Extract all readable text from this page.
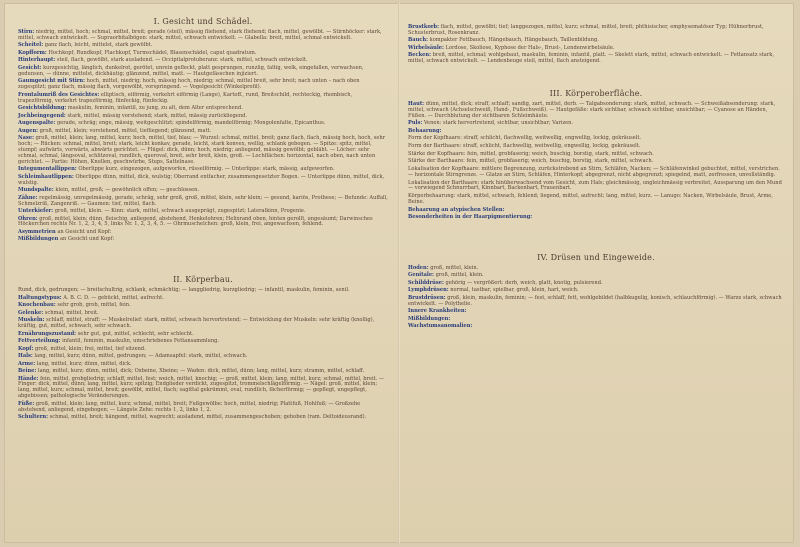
I. Gesicht und Schädel.
Stirn: niedrig, mittel, hoch; schmal, mittel, breit; gerade (steil), mässig fliehend, stark fliehend; flach, mittel, gewölbt. — Stirnhöcker: stark, mittel, schwach entwickelt. — Supraorbitalbögen: stark, mittel, schwach entwickelt. — Glabella: breit, mittel, schmal entwickelt.
Scheitel: ganz flach, leicht, mittelst, stark gewölbt.
Kopfform: Hochkopf, Rundkopf, Flachkopf, Turmschädel, Blasenschädel, caput quadratum.
Hinterhaupt: steil, flach, gewölbt, stark ausladend. — Occipitalprotuberanz: stark, mittel, schwach entwickelt.
Gesicht: kurzgesichtig, länglich, dunkelrot, gerötet, unrein gefleckt, platt gesprungen, runzlig, faltig, welk, eingefallen, verwachsen, gedunsen, — dünne, mittelst, dickhäutig; glänzend, mittel, matt. — Hautgefässchen injiziert.
Gaumgesicht mit Stirn: hoch, mittel, niedrig; hoch, mässig hoch, niedrig; schmal, mittel breit, sehr breit; nach unten – nach oben zugespitzt; ganz flach, mässig flach, vorgewölbt, vorspringend. — Vogelgesicht (Winkelprofil).
Frontalumriß des Gesichtes: elliptisch, eiförmig, verkehrt eiförmig (Lange), Kartoff., rund, Breitschild, rechteckig, rhombisch, trapezförmig, verkehrt trapezförmig, fünfeckig, fünfeckig.
Gesichtsbildung: maskulin, feminin, infantil, zu jung, zu alt, dem Alter entsprechend.
Jochbeingegend: stark, mittel, mässig vorstehend; stark, mittel, mässig zurückliegend.
Augenspalte: gerade, schräg; enge, mässig, weitgeschlitzt; spindelförmig, mandelförmig; Mongolenfalte, Epicanthus.
Augen: groß, mittel, klein; vorstehend, mittel, tiefliegend; glänzend, matt.
Nase: groß, mittel, klein; lang, mittel, kurz; hoch, mittel, tief, blau; — Wurzel: schmal, mittel, breit; ganz flach, flach, mässig hoch, hoch, sehr hoch; — Rücken: schmal, mittel, breit; stark, leicht konkav, gerade, leicht, stark konvex, wellig, schlank gebogen. — Spitze: spitz, mittel, stumpf; aufwärts, vorwärts, abwärts gerichtet. — Flügel: dick, dünn; hoch, niedrig; anliegend, mässig gewölbt; gebläht. — Löcher: sehr schmal, schmal, längsoval, schlitzoval, rundlich, queroval, breit, sehr breit, klein, groß. — Lochflächen: horizontal, nach oben, nach unten gerichtet. — Partie: Höhen, Knollen, geschwürbe, Stups, Sattelnase.
Integumentallippen: Oberlippe kurz, eingezogen, aufgeworfen, rüsselförmig. — Unterlippe: stark, mässig, aufgeworfen.
Schleimhautlippen: Oberlippe dünn, mittel, dick, wulstig; Oberrand entfacher, zusammengesetzter Bogen. — Unterlippe dünn, mittel, dick, wulstig.
Mundspalte: klein, mittel, groß; — gewöhnlich offen; — geschlossen.
Zähne: regelmässig, unregelmässig, gerade, schräg, sehr groß, groß, mittel, klein, sehr klein; — gesund, kariös, Prothese; — Befunde: Auffall, Schmelzriß, Zangenriß. — Gaumen: tief, mittel, flach.
Unterkiefer: groß, mittel, klein. — Kinn: stark, mittel, schwach ausgeprägt, zugespitzt; Lateralkinn, Progenie.
Ohren: groß, mittel, klein; dünn, fleischig, anliegend, abstehend, Henkelohren; Helixrand oben, hinten gerollt, ungesäumt; Darwinsches Höckerchen rechts Nr. 1, 2, 3, 4, 5, links Nr. 1, 2, 3, 4, 5. — Ohrmuschelchen: groß, klein, frei, angewachsen, fehlend.
Asymmetrien an Gesicht und Kopf:
Mißbildungen an Gesicht und Kopf:
II. Körperbau.
Rund, dick, gedrungen; — breitschultrig, schlank, schmächtig; — langgliedrig, kurzgliedrig; — infantil, maskulin, feminin, senil.
Haltungstypus: A. B. C. D. — gebückt, mittel, aufrecht.
Knochenbau: sehr grob, grob, mittel, fein.
Gelenke: schmal, mittel, breit.
Muskeln: schlaff, mittel, straff; — Muskelrelief: stark, mittel, schwach hervortretend; — Entwicklung der Muskeln: sehr kräftig (knollig), kräftig, gut, mittel, schwach, sehr schwach.
Ernährungszustand: sehr gut, gut, mittel, schlecht, sehr schlecht.
Fettverteilung: infantil, feminin, maskulin, umschriebenes Fettansammlung.
Kopf: groß, mittel, klein; frei, mittel, tief sitzend.
Hals: lang, mittel, kurz; dünn, mittel, gedrungen; — Adamsapfel: stark, mittel, schwach.
Arme: lang, mittel, kurz; dünn, mittel, dick.
Beine: lang, mittel, kurz; dünn, mittel, dick; Oxbeine, Xbeine; — Waden: dick, mittel, dünn; lang, mittel, kurz; stramm, mittel, schlaff.
Hände: fein, mittel, grobgliedrig; schlaff, mittel, fest; weich, mittel, knochig; — groß, mittel, klein; lang, mittel, kurz; schmal, mittel, breit. — Finger: dick, mittel, dünn; lang, mittel, kurz; spitzig; Endglieder verdickt, zugespitzt, trommelschlägelförmig. — Nägel: groß, mittel, klein; lang, mittel, kurz; schmal, mittel, breit; gewölbt, mittel, flach; sagittal gekrümmt, oval, rundlich, fächerförmig; — gepflegt, ungepflegt, abgebissen; pathologische Veränderungen.
Füße: groß, mittel, klein; lang, mittel, kurz; schmal, mittel, breit; Fußgewölbe: hoch, mittel, niedrig; Plattfuß, Hohlfuß; — Großzehe abstehend, anliegend, eingebogen; — Längste Zehe: rechts 1, 2, links 1, 2.
Schultern: schmal, mittel, breit; hängend, mittel, wagrecht; ausladend, mittel, zusammengeschoben; gehoben (ram. Deltoideusrand).
Brustkorb: flach, mittel, gewölbt; tief; langgezogen, mittel, kurz; schmal, mittel, breit; phthisischer, emphysematöser Typ; Hühnerbrust, Schusterbrust, Rosenkranz.
Bauch: kompakter Fettbauch, Hängebauch, Hängebauch, Taillenbildung.
Wirbelsäule: Lordose, Skoliose, Kyphose der Hals-, Brust-, Lendenwirbelsäule.
Becken: breit, mittel, schmal; wohlgebaut, maskulin, feminin, infantil, platt. — Skelett stark, mittel, schwach entwickelt. — Fettansatz stark, mittel, schwach entwickelt. — Lendenbeuge steil, mittel, flach ansteigend.
III. Körperoberfläche.
Haut: dünn, mittel, dick; straff, schlaff; sandig, zart, mittel, derb. — Talgabsonderung: stark, mittel, schwach. — Schweißabsonderung: stark, mittel, schwach (Achselschweiß, Hand-, Fußschweiß). — Hautgefäße: stark sichtbar, schwach sichtbar, unsichtbar; — Cyanose an Händen, Füßen. — Durchblutung der sichtbaren Schleimhäute.
Puls: Venen: stark hervortretend, sichtbar, unsichtbar; Varizen.
Behaarung:
Form der Kopfhaare: straff, schlicht, flachwellig, weitwellig, engwellig, lockig, gekräuselt.
Form der Barthaare: straff, schlicht, flachwellig, weitwellig, engwellig, lockig, gekräuselt.
Stärke der Kopfhaare: fein, mittel, grobfaserig; weich, buschig, borstig, stark, mittel, schwach.
Stärke der Barthaare: fein, mittel, grobfaserig; weich, buschig, borstig, stark, mittel, schwach.
Lokalisation der Kopfhaare: mittlere Begrenzung, zurückstrebend an Stirn, Schläfen, Nacken; — Schläfenwinkel gebuchtet, mittel, verstrichen. — horizontale Stirngrenze. — Glatze an Stirn, Schläfen, Hinterkopf; abgegrenzt, nicht abgegrenzt; spiegelnd, matt, zerfressen, unvollständig.
Lokalisation der Barthaare: stark hinüberwachsend vom Gesicht, zum Hals; gleichmässig, ungleichmässig verbreitet, Aussparung um den Mund — vorwiegend Schnurrbart, Kinnbart, Backenbart, Frauenbart.
Körperbehaarung: stark, mittel, schwach, fehlend; liegend, mittel, aufrecht; lang, mittel, kurz. — Lanugo: Nacken, Wirbelsäule, Brust, Arme, Beine.
Behaarung an atypischen Stellen:
Besonderheiten in der Haarpigmentierung:
IV. Drüsen und Eingeweide.
Hoden: groß, mittel, klein.
Genitale: groß, mittel, klein.
Schilddrüse: gehörig — vergrößert: derb, weich, glatt, knotig, pulsierend.
Lymphdrüsen: normal, tastbar, spielbar, groß, klein, hart, weich.
Brustdrüsen: groß, klein, maskulin, feminin; — fest, schlaff, fett, wohlgebildet (halbkugelig, konisch, schlauchförmig). — Warze stark, schwach entwickelt. — Polythelie.
Innere Krankheiten:
Mißbildungen:
Wachstumsanomalien:
